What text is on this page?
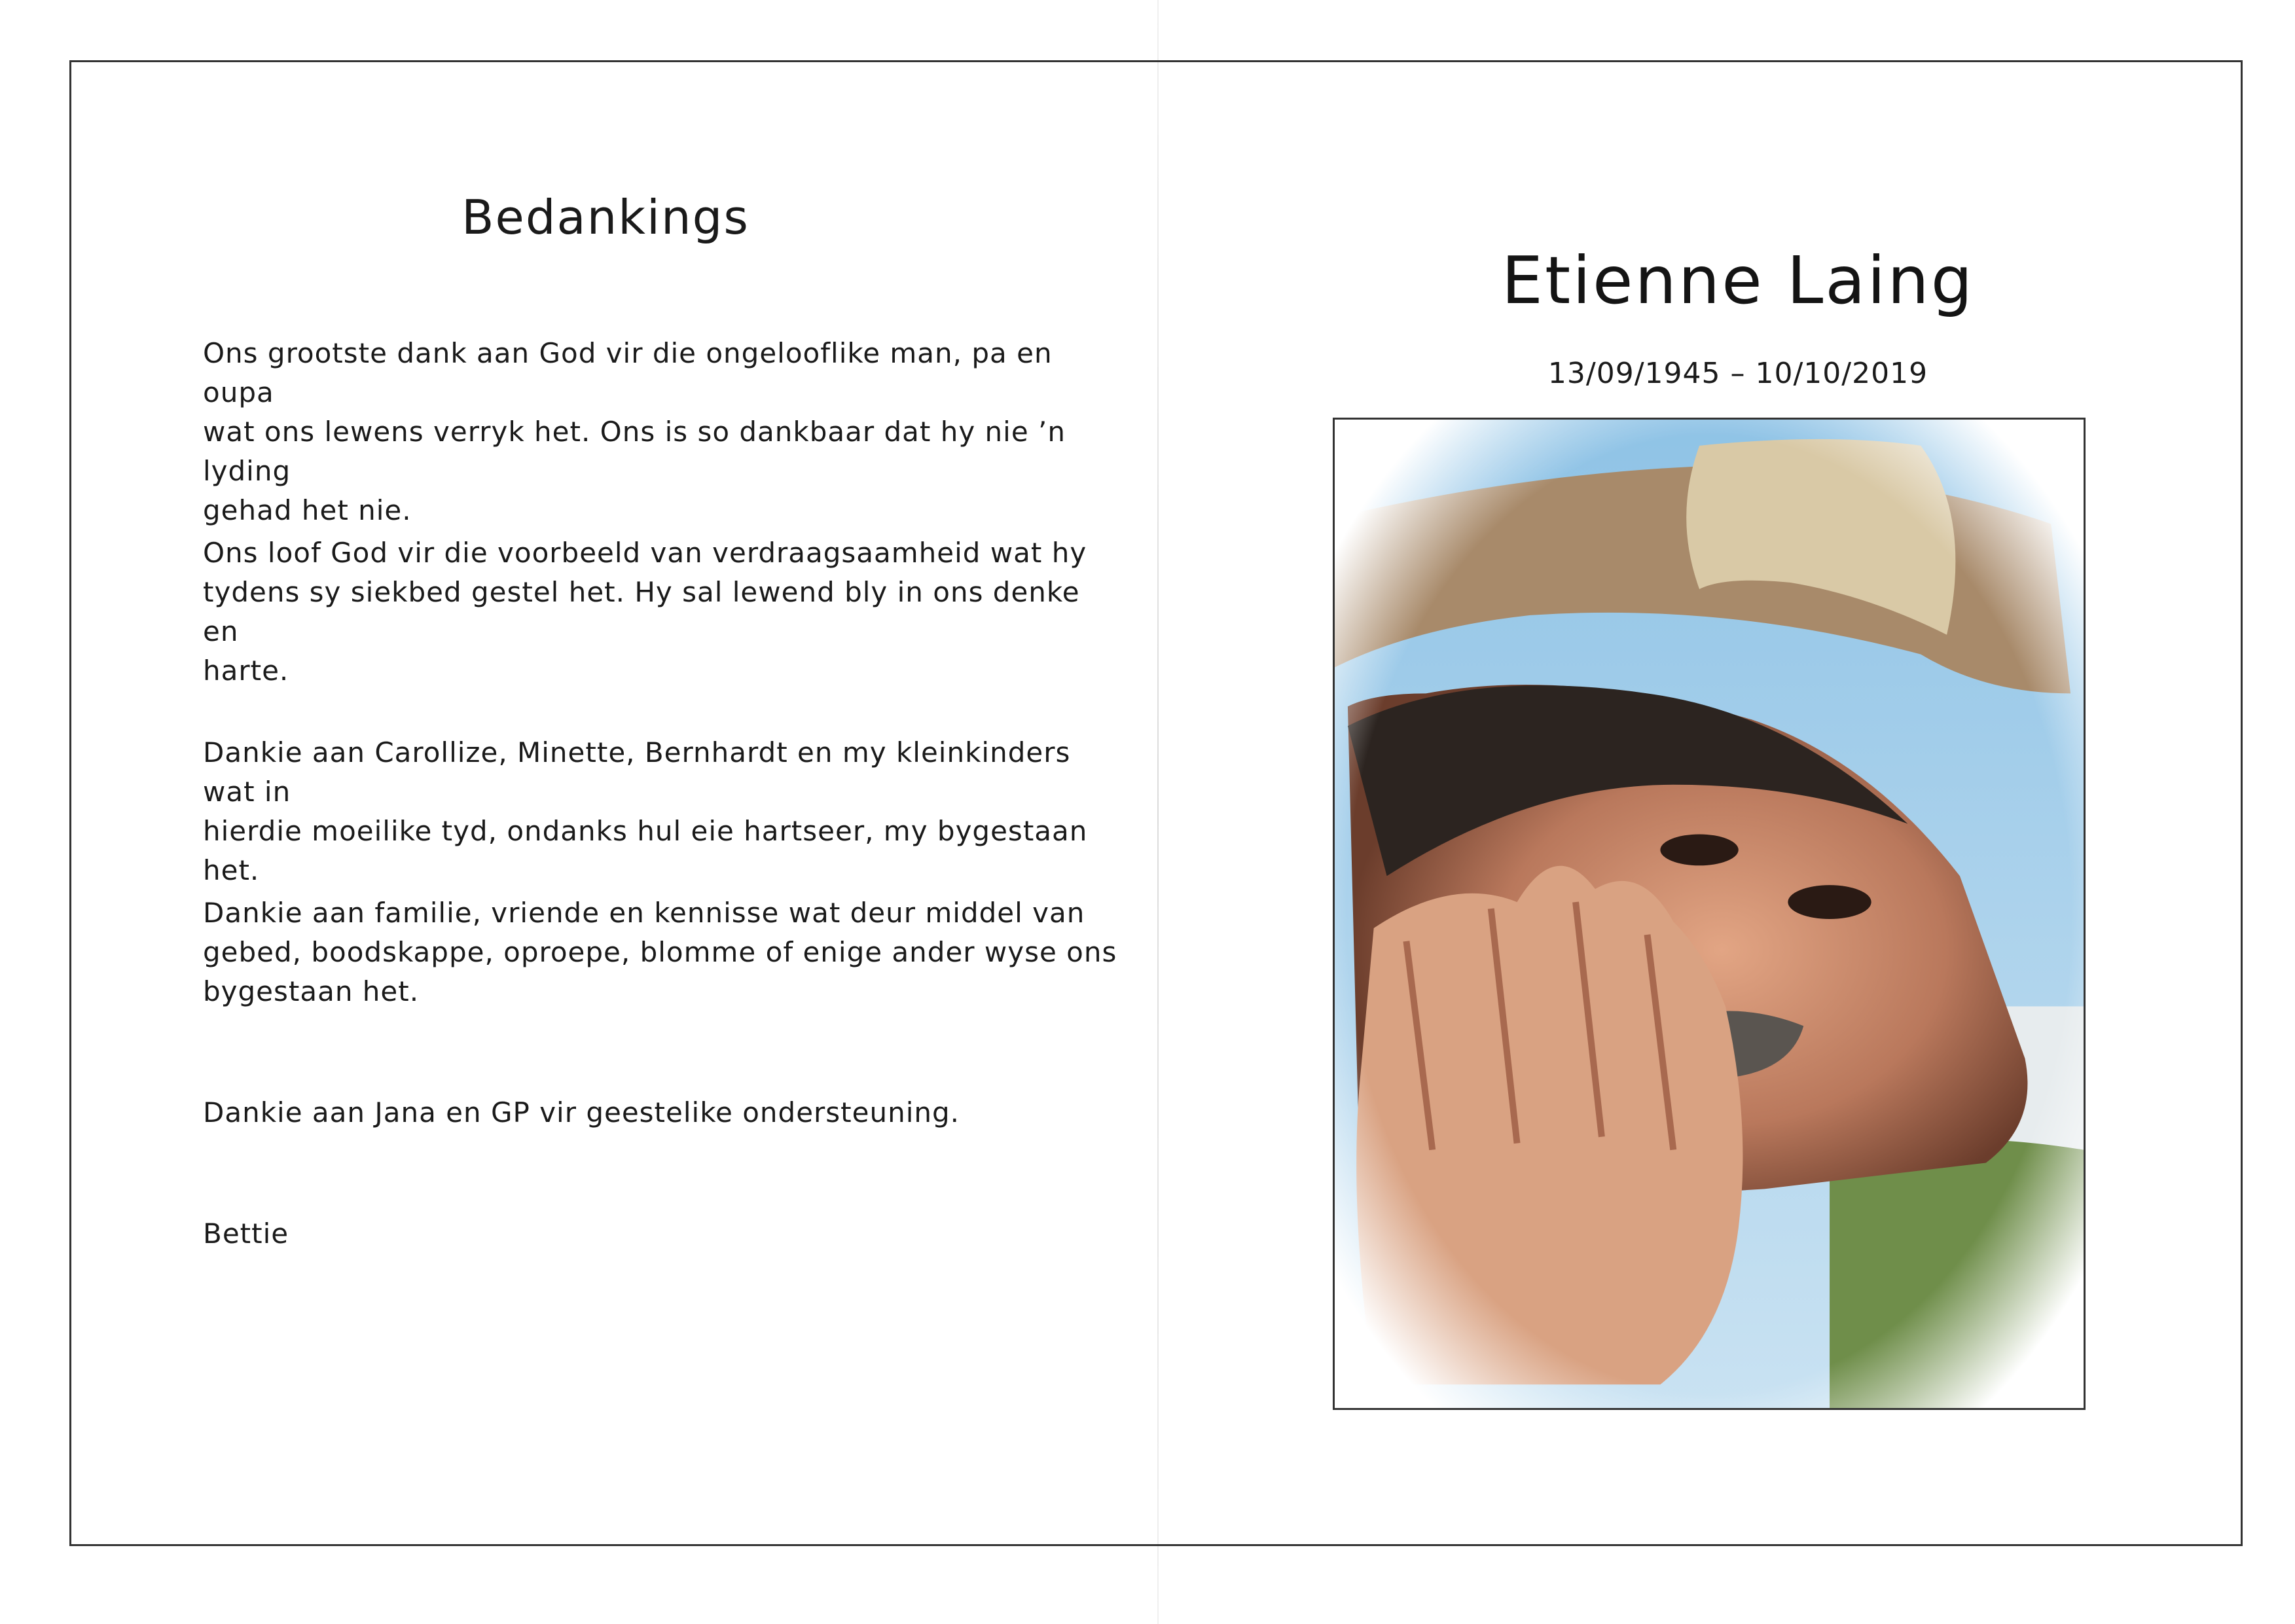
Bedankings
Ons grootste dank aan God vir die ongelooflike man, pa en oupa
wat ons lewens verryk het. Ons is so dankbaar dat hy nie ’n lyding
gehad het nie.
Ons loof God vir die voorbeeld van verdraagsaamheid wat hy
tydens sy siekbed gestel het. Hy sal lewend bly in ons denke en
harte.
Dankie aan Carollize, Minette, Bernhardt en my kleinkinders wat in
hierdie moeilike tyd, ondanks hul eie hartseer, my bygestaan het.
Dankie aan familie, vriende en kennisse wat deur middel van
gebed, boodskappe, oproepe, blomme of enige ander wyse ons
bygestaan het.
Dankie aan Jana en GP vir geestelike ondersteuning.
Bettie
Etienne Laing
13/09/1945 – 10/10/2019
